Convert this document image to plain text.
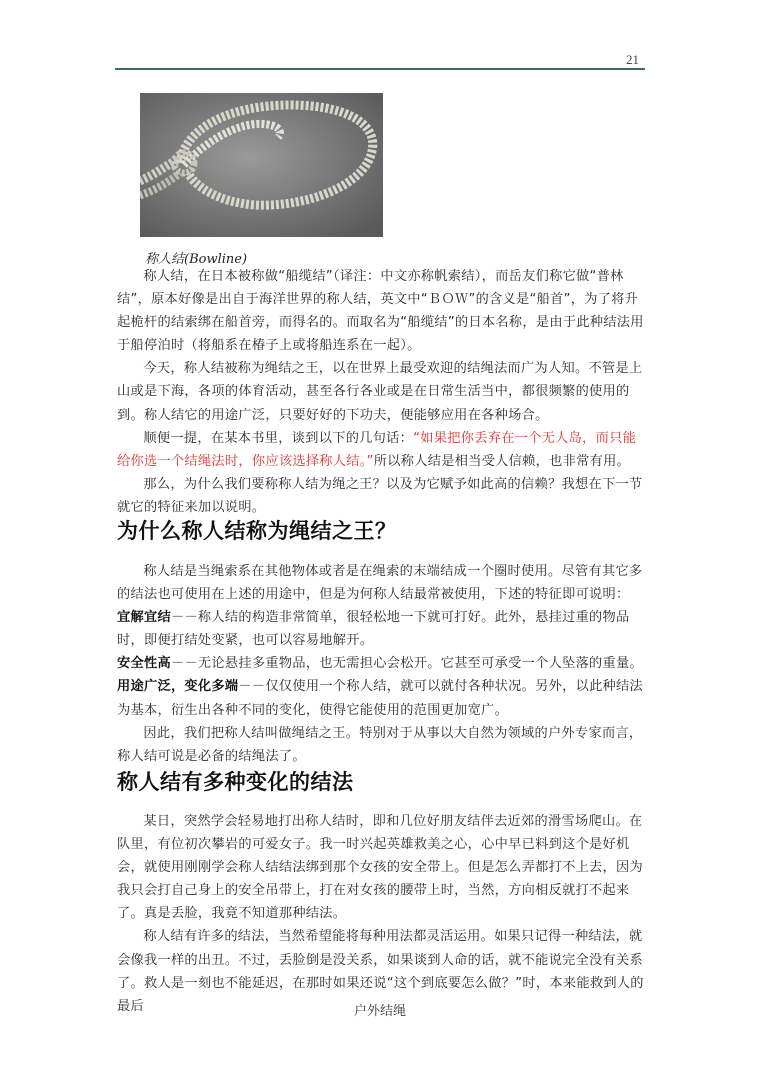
21
称人结(Bowline)

称人结，在日本被称做“船缆结”（译注：中文亦称帆索结），而岳友们称它做“普林结”，原本好像是出自于海洋世界的称人结，英文中“ＢＯＷ”的含义是“船首”，为了将升起桅杆的结索绑在船首旁，而得名的。而取名为“船缆结”的日本名称，是由于此种结法用于船停泊时（将船系在椿子上或将船连系在一起）。

今天，称人结被称为绳结之王，以在世界上最受欢迎的结绳法而广为人知。不管是上山或是下海，各项的体育活动，甚至各行各业或是在日常生活当中，都很频繁的使用的到。称人结它的用途广泛，只要好好的下功夫，便能够应用在各种场合。

顺便一提，在某本书里，谈到以下的几句话：“如果把你丢弃在一个无人岛，而只能给你选一个结绳法时，你应该选择称人结。”所以称人结是相当受人信赖，也非常有用。

那么，为什么我们要称称人结为绳之王？以及为它赋予如此高的信赖？我想在下一节就它的特征来加以说明。

为什么称人结称为绳结之王？

称人结是当绳索系在其他物体或者是在绳索的末端结成一个圈时使用。尽管有其它多的结法也可使用在上述的用途中，但是为何称人结最常被使用，下述的特征即可说明：

宜解宜结－－称人结的构造非常简单，很轻松地一下就可打好。此外，悬挂过重的物品时，即便打结处变紧，也可以容易地解开。

安全性高－－无论悬挂多重物品，也无需担心会松开。它甚至可承受一个人坠落的重量。

用途广泛，变化多端－－仅仅使用一个称人结，就可以就付各种状况。另外，以此种结法为基本，衍生出各种不同的变化，使得它能使用的范围更加宽广。

因此，我们把称人结叫做绳结之王。特别对于从事以大自然为领域的户外专家而言，称人结可说是必备的结绳法了。

称人结有多种变化的结法

某日，突然学会轻易地打出称人结时，即和几位好朋友结伴去近郊的滑雪场爬山。在队里，有位初次攀岩的可爱女子。我一时兴起英雄救美之心，心中早已料到这个是好机会，就使用刚刚学会称人结结法绑到那个女孩的安全带上。但是怎么弄都打不上去，因为我只会打自己身上的安全吊带上，打在对女孩的腰带上时，当然，方向相反就打不起来了。真是丢脸，我竟不知道那种结法。

称人结有许多的结法，当然希望能将每种用法都灵活运用。如果只记得一种结法，就会像我一样的出丑。不过，丢脸倒是没关系，如果谈到人命的话，就不能说完全没有关系了。救人是一刻也不能延迟，在那时如果还说“这个到底要怎么做？”时，本来能救到人的最后	户外结绳
